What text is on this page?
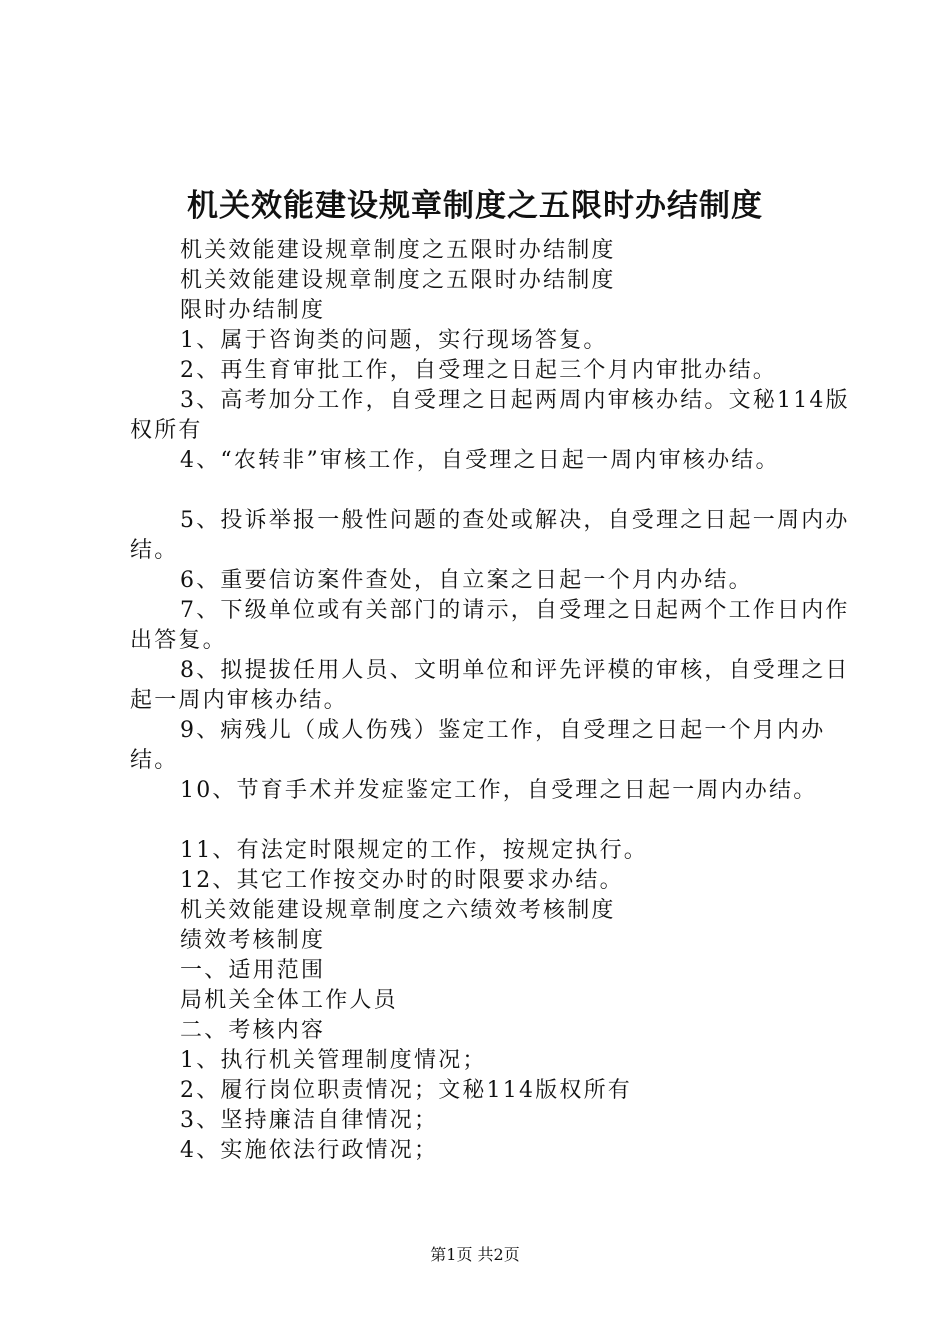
机关效能建设规章制度之五限时办结制度

机关效能建设规章制度之五限时办结制度

机关效能建设规章制度之五限时办结制度

限时办结制度

1、属于咨询类的问题，实行现场答复。

2、再生育审批工作，自受理之日起三个月内审批办结。

3、高考加分工作，自受理之日起两周内审核办结。文秘114版权所有

4、“农转非”审核工作，自受理之日起一周内审核办结。

5、投诉举报一般性问题的查处或解决，自受理之日起一周内办结。

6、重要信访案件查处，自立案之日起一个月内办结。

7、下级单位或有关部门的请示，自受理之日起两个工作日内作出答复。

8、拟提拔任用人员、文明单位和评先评模的审核，自受理之日起一周内审核办结。

9、病残儿（成人伤残）鉴定工作，自受理之日起一个月内办结。

10、节育手术并发症鉴定工作，自受理之日起一周内办结。

11、有法定时限规定的工作，按规定执行。

12、其它工作按交办时的时限要求办结。

机关效能建设规章制度之六绩效考核制度

绩效考核制度

一、适用范围

局机关全体工作人员

二、考核内容

1、执行机关管理制度情况；

2、履行岗位职责情况；文秘114版权所有

3、坚持廉洁自律情况；

4、实施依法行政情况；

第1页 共2页
